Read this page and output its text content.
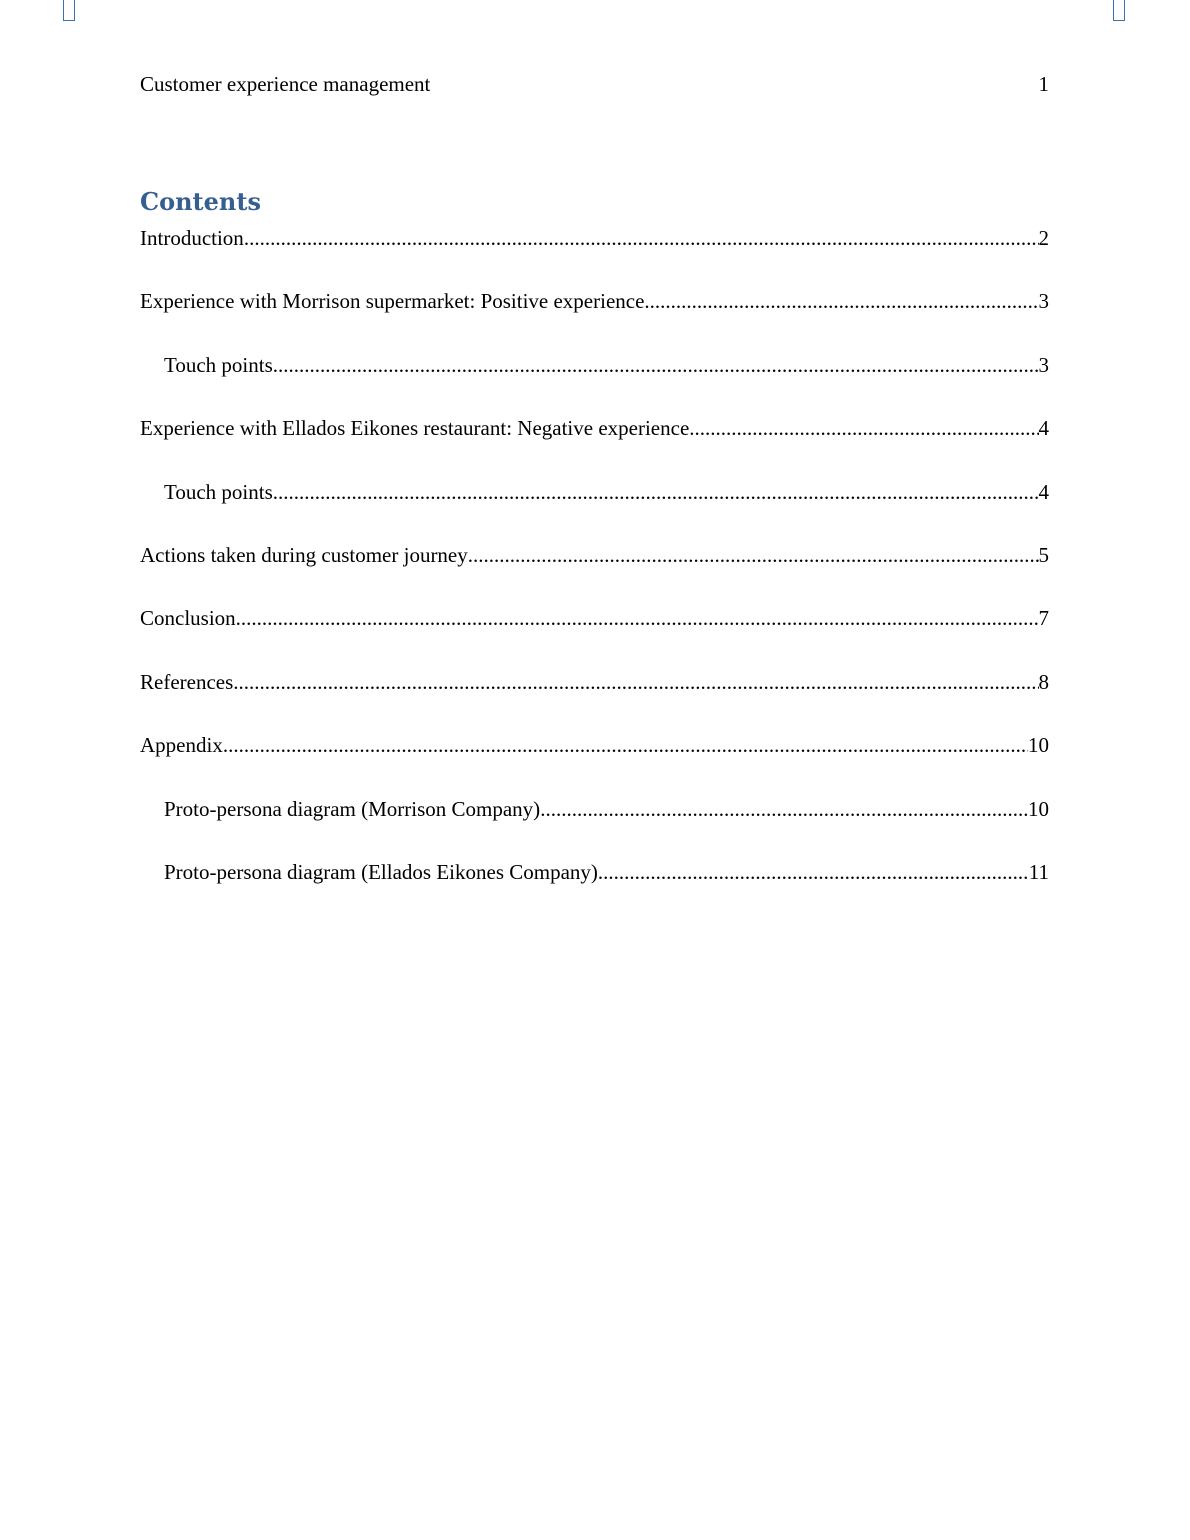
Customer experience management	1
Contents
Introduction .....	2
Experience with Morrison supermarket: Positive experience .....	3
Touch points .....	3
Experience with Ellados Eikones restaurant: Negative experience .....	4
Touch points .....	4
Actions taken during customer journey .....	5
Conclusion .....	7
References .....	8
Appendix .....	10
Proto-persona diagram (Morrison Company) .....	10
Proto-persona diagram (Ellados Eikones Company) .....	11
